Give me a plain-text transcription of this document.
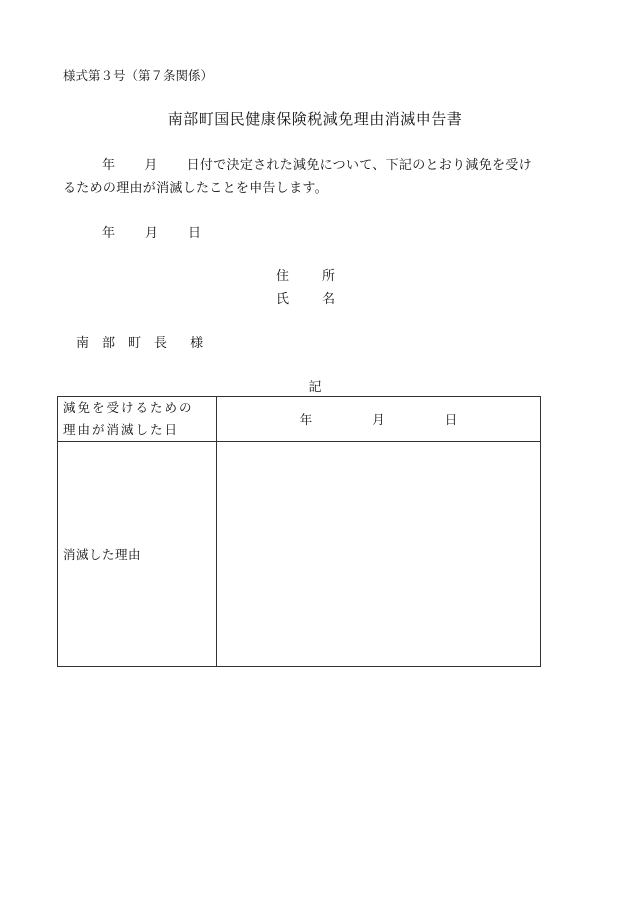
様式第３号（第７条関係）
南部町国民健康保険税減免理由消滅申告書
年 月 日付で決定された減免について、下記のとおり減免を受け
るための理由が消滅したことを申告します。
年 月 日
住	所
氏	名
南 部 町 長 様
記
減免を受けるための
理由が消滅した日	年 月 日
消滅した理由	
